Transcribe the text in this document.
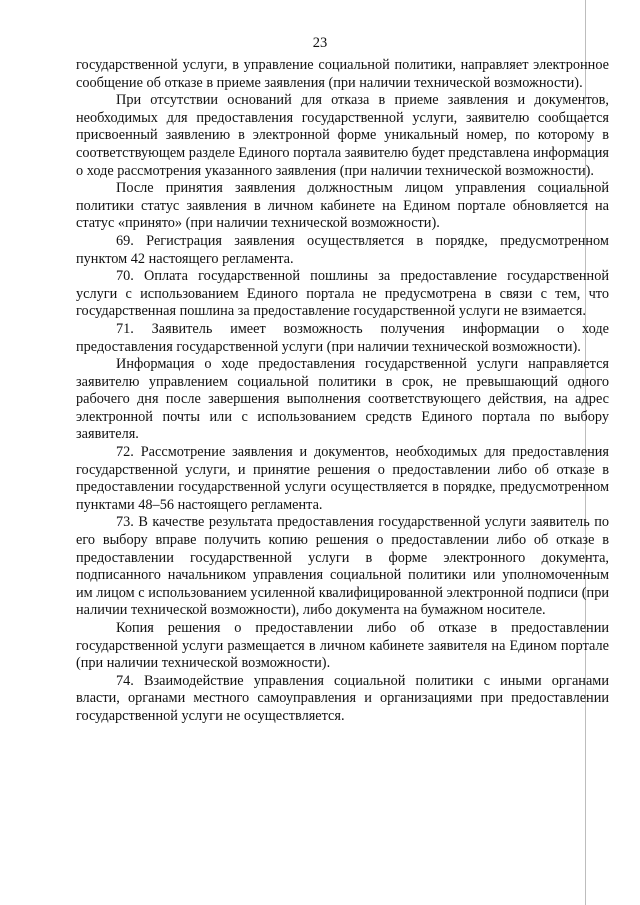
23

государственной услуги, в управление социальной политики, направляет электронное сообщение об отказе в приеме заявления (при наличии технической возможности).

При отсутствии оснований для отказа в приеме заявления и документов, необходимых для предоставления государственной услуги, заявителю сообщается присвоенный заявлению в электронной форме уникальный номер, по которому в соответствующем разделе Единого портала заявителю будет представлена информация о ходе рассмотрения указанного заявления (при наличии технической возможности).

После принятия заявления должностным лицом управления социальной политики статус заявления в личном кабинете на Едином портале обновляется на статус «принято» (при наличии технической возможности).

69. Регистрация заявления осуществляется в порядке, предусмотренном пунктом 42 настоящего регламента.

70. Оплата государственной пошлины за предоставление государственной услуги с использованием Единого портала не предусмотрена в связи с тем, что государственная пошлина за предоставление государственной услуги не взимается.

71. Заявитель имеет возможность получения информации о ходе предоставления государственной услуги (при наличии технической возможности).

Информация о ходе предоставления государственной услуги направляется заявителю управлением социальной политики в срок, не превышающий одного рабочего дня после завершения выполнения соответствующего действия, на адрес электронной почты или с использованием средств Единого портала по выбору заявителя.

72. Рассмотрение заявления и документов, необходимых для предоставления государственной услуги, и принятие решения о предоставлении либо об отказе в предоставлении государственной услуги осуществляется в порядке, предусмотренном пунктами 48–56 настоящего регламента.

73. В качестве результата предоставления государственной услуги заявитель по его выбору вправе получить копию решения о предоставлении либо об отказе в предоставлении государственной услуги в форме электронного документа, подписанного начальником управления социальной политики или уполномоченным им лицом с использованием усиленной квалифицированной электронной подписи (при наличии технической возможности), либо документа на бумажном носителе.

Копия решения о предоставлении либо об отказе в предоставлении государственной услуги размещается в личном кабинете заявителя на Едином портале (при наличии технической возможности).

74. Взаимодействие управления социальной политики с иными органами власти, органами местного самоуправления и организациями при предоставлении государственной услуги не осуществляется.
